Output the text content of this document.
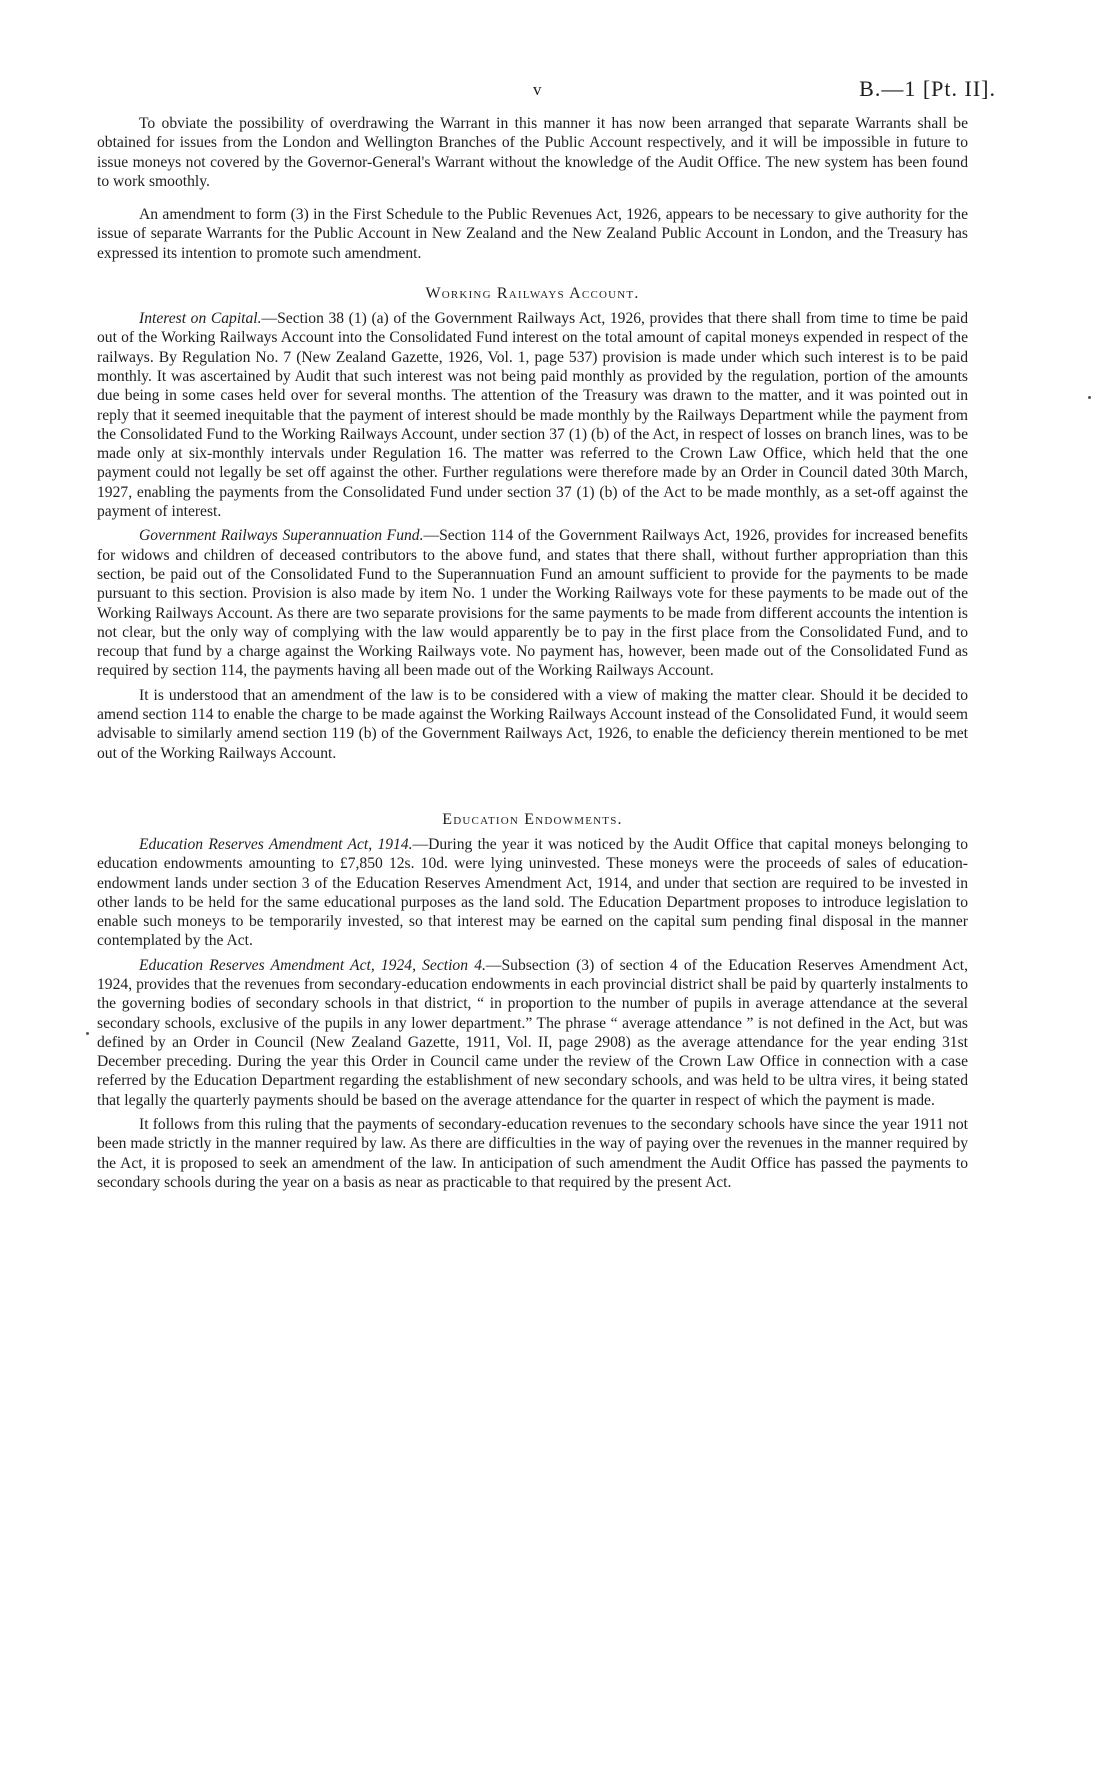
v	B.—1 [Pt. II].

To obviate the possibility of overdrawing the Warrant in this manner it has now been arranged that separate Warrants shall be obtained for issues from the London and Wellington Branches of the Public Account respectively, and it will be impossible in future to issue moneys not covered by the Governor-General's Warrant without the knowledge of the Audit Office. The new system has been found to work smoothly.

An amendment to form (3) in the First Schedule to the Public Revenues Act, 1926, appears to be necessary to give authority for the issue of separate Warrants for the Public Account in New Zealand and the New Zealand Public Account in London, and the Treasury has expressed its intention to promote such amendment.

Working Railways Account.

Interest on Capital.—Section 38 (1) (a) of the Government Railways Act, 1926, provides that there shall from time to time be paid out of the Working Railways Account into the Consolidated Fund interest on the total amount of capital moneys expended in respect of the railways. By Regulation No. 7 (New Zealand Gazette, 1926, Vol. 1, page 537) provision is made under which such interest is to be paid monthly. It was ascertained by Audit that such interest was not being paid monthly as provided by the regulation, portion of the amounts due being in some cases held over for several months. The attention of the Treasury was drawn to the matter, and it was pointed out in reply that it seemed inequitable that the payment of interest should be made monthly by the Railways Department while the payment from the Consolidated Fund to the Working Railways Account, under section 37 (1) (b) of the Act, in respect of losses on branch lines, was to be made only at six-monthly intervals under Regulation 16. The matter was referred to the Crown Law Office, which held that the one payment could not legally be set off against the other. Further regulations were therefore made by an Order in Council dated 30th March, 1927, enabling the payments from the Consolidated Fund under section 37 (1) (b) of the Act to be made monthly, as a set-off against the payment of interest.

Government Railways Superannuation Fund.—Section 114 of the Government Railways Act, 1926, provides for increased benefits for widows and children of deceased contributors to the above fund, and states that there shall, without further appropriation than this section, be paid out of the Consolidated Fund to the Superannuation Fund an amount sufficient to provide for the payments to be made pursuant to this section. Provision is also made by item No. 1 under the Working Railways vote for these payments to be made out of the Working Railways Account. As there are two separate provisions for the same payments to be made from different accounts the intention is not clear, but the only way of complying with the law would apparently be to pay in the first place from the Consolidated Fund, and to recoup that fund by a charge against the Working Railways vote. No payment has, however, been made out of the Consolidated Fund as required by section 114, the payments having all been made out of the Working Railways Account.

It is understood that an amendment of the law is to be considered with a view of making the matter clear. Should it be decided to amend section 114 to enable the charge to be made against the Working Railways Account instead of the Consolidated Fund, it would seem advisable to similarly amend section 119 (b) of the Government Railways Act, 1926, to enable the deficiency therein mentioned to be met out of the Working Railways Account.

Education Endowments.

Education Reserves Amendment Act, 1914.—During the year it was noticed by the Audit Office that capital moneys belonging to education endowments amounting to £7,850 12s. 10d. were lying uninvested. These moneys were the proceeds of sales of education-endowment lands under section 3 of the Education Reserves Amendment Act, 1914, and under that section are required to be invested in other lands to be held for the same educational purposes as the land sold. The Education Department proposes to introduce legislation to enable such moneys to be temporarily invested, so that interest may be earned on the capital sum pending final disposal in the manner contemplated by the Act.

Education Reserves Amendment Act, 1924, Section 4.—Subsection (3) of section 4 of the Education Reserves Amendment Act, 1924, provides that the revenues from secondary-education endowments in each provincial district shall be paid by quarterly instalments to the governing bodies of secondary schools in that district, “ in proportion to the number of pupils in average attendance at the several secondary schools, exclusive of the pupils in any lower department.” The phrase “ average attendance ” is not defined in the Act, but was defined by an Order in Council (New Zealand Gazette, 1911, Vol. II, page 2908) as the average attendance for the year ending 31st December preceding. During the year this Order in Council came under the review of the Crown Law Office in connection with a case referred by the Education Department regarding the establishment of new secondary schools, and was held to be ultra vires, it being stated that legally the quarterly payments should be based on the average attendance for the quarter in respect of which the payment is made.

It follows from this ruling that the payments of secondary-education revenues to the secondary schools have since the year 1911 not been made strictly in the manner required by law. As there are difficulties in the way of paying over the revenues in the manner required by the Act, it is proposed to seek an amendment of the law. In anticipation of such amendment the Audit Office has passed the payments to secondary schools during the year on a basis as near as practicable to that required by the present Act.
